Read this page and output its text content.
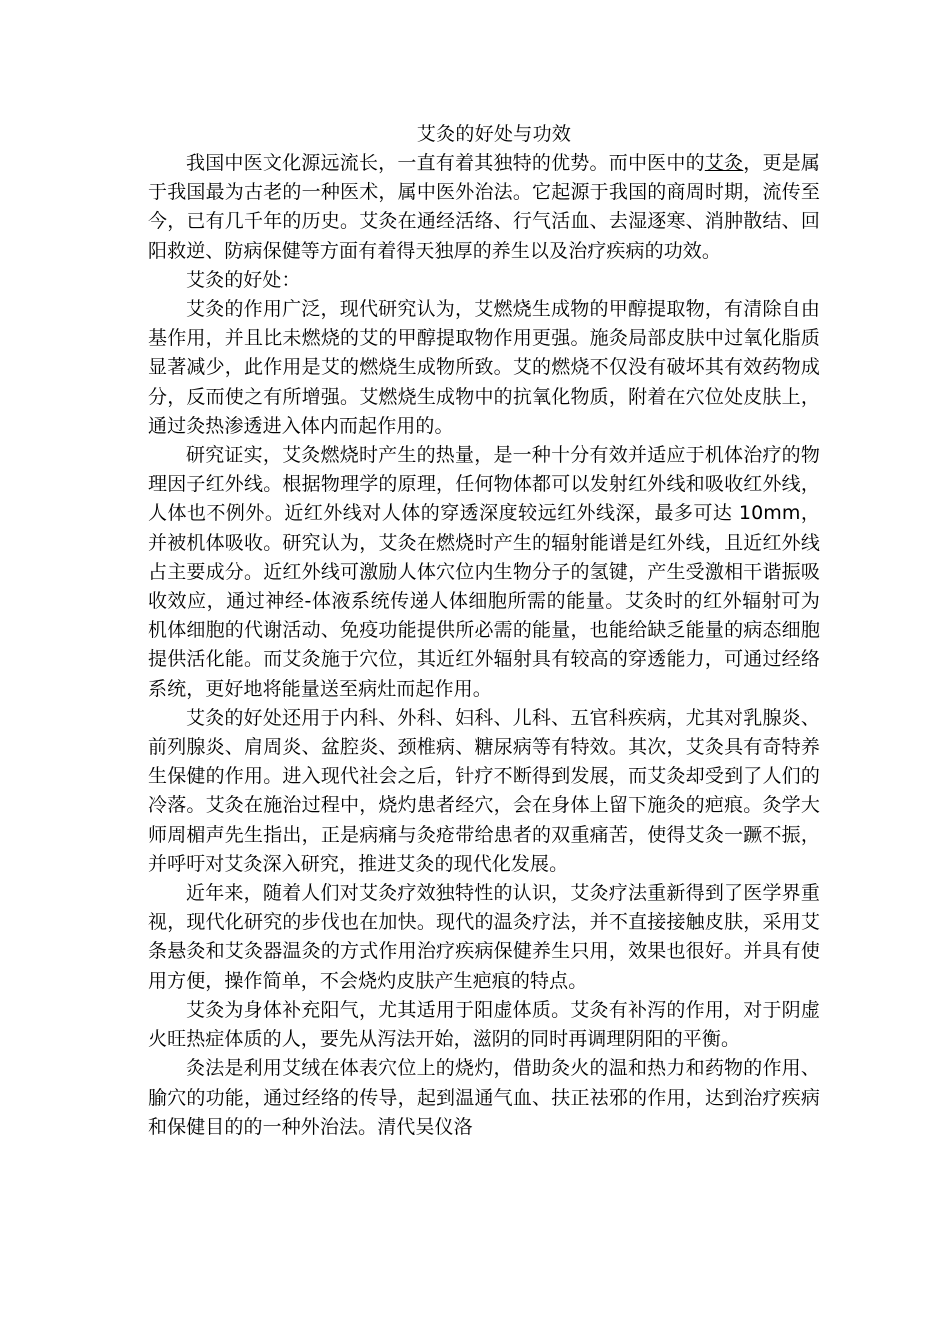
艾灸的好处与功效

我国中医文化源远流长，一直有着其独特的优势。而中医中的艾灸，更是属于我国最为古老的一种医术，属中医外治法。它起源于我国的商周时期，流传至今，已有几千年的历史。艾灸在通经活络、行气活血、去湿逐寒、消肿散结、回阳救逆、防病保健等方面有着得天独厚的养生以及治疗疾病的功效。

艾灸的好处：

艾灸的作用广泛，现代研究认为，艾燃烧生成物的甲醇提取物，有清除自由基作用，并且比未燃烧的艾的甲醇提取物作用更强。施灸局部皮肤中过氧化脂质显著减少，此作用是艾的燃烧生成物所致。艾的燃烧不仅没有破坏其有效药物成分，反而使之有所增强。艾燃烧生成物中的抗氧化物质，附着在穴位处皮肤上，通过灸热渗透进入体内而起作用的。

研究证实，艾灸燃烧时产生的热量，是一种十分有效并适应于机体治疗的物理因子红外线。根据物理学的原理，任何物体都可以发射红外线和吸收红外线，人体也不例外。近红外线对人体的穿透深度较远红外线深，最多可达 10mm，并被机体吸收。研究认为，艾灸在燃烧时产生的辐射能谱是红外线，且近红外线占主要成分。近红外线可激励人体穴位内生物分子的氢键，产生受激相干谐振吸收效应，通过神经-体液系统传递人体细胞所需的能量。艾灸时的红外辐射可为机体细胞的代谢活动、免疫功能提供所必需的能量，也能给缺乏能量的病态细胞提供活化能。而艾灸施于穴位，其近红外辐射具有较高的穿透能力，可通过经络系统，更好地将能量送至病灶而起作用。

艾灸的好处还用于内科、外科、妇科、儿科、五官科疾病，尤其对乳腺炎、前列腺炎、肩周炎、盆腔炎、颈椎病、糖尿病等有特效。其次，艾灸具有奇特养生保健的作用。进入现代社会之后，针疗不断得到发展，而艾灸却受到了人们的冷落。艾灸在施治过程中，烧灼患者经穴，会在身体上留下施灸的疤痕。灸学大师周楣声先生指出，正是病痛与灸疮带给患者的双重痛苦，使得艾灸一蹶不振，并呼吁对艾灸深入研究，推进艾灸的现代化发展。

近年来，随着人们对艾灸疗效独特性的认识，艾灸疗法重新得到了医学界重视，现代化研究的步伐也在加快。现代的温灸疗法，并不直接接触皮肤，采用艾条悬灸和艾灸器温灸的方式作用治疗疾病保健养生只用，效果也很好。并具有使用方便，操作简单，不会烧灼皮肤产生疤痕的特点。

艾灸为身体补充阳气，尤其适用于阳虚体质。艾灸有补泻的作用，对于阴虚火旺热症体质的人，要先从泻法开始，滋阴的同时再调理阴阳的平衡。

灸法是利用艾绒在体表穴位上的烧灼，借助灸火的温和热力和药物的作用、腧穴的功能，通过经络的传导，起到温通气血、扶正祛邪的作用，达到治疗疾病和保健目的的一种外治法。清代吴仪洛
